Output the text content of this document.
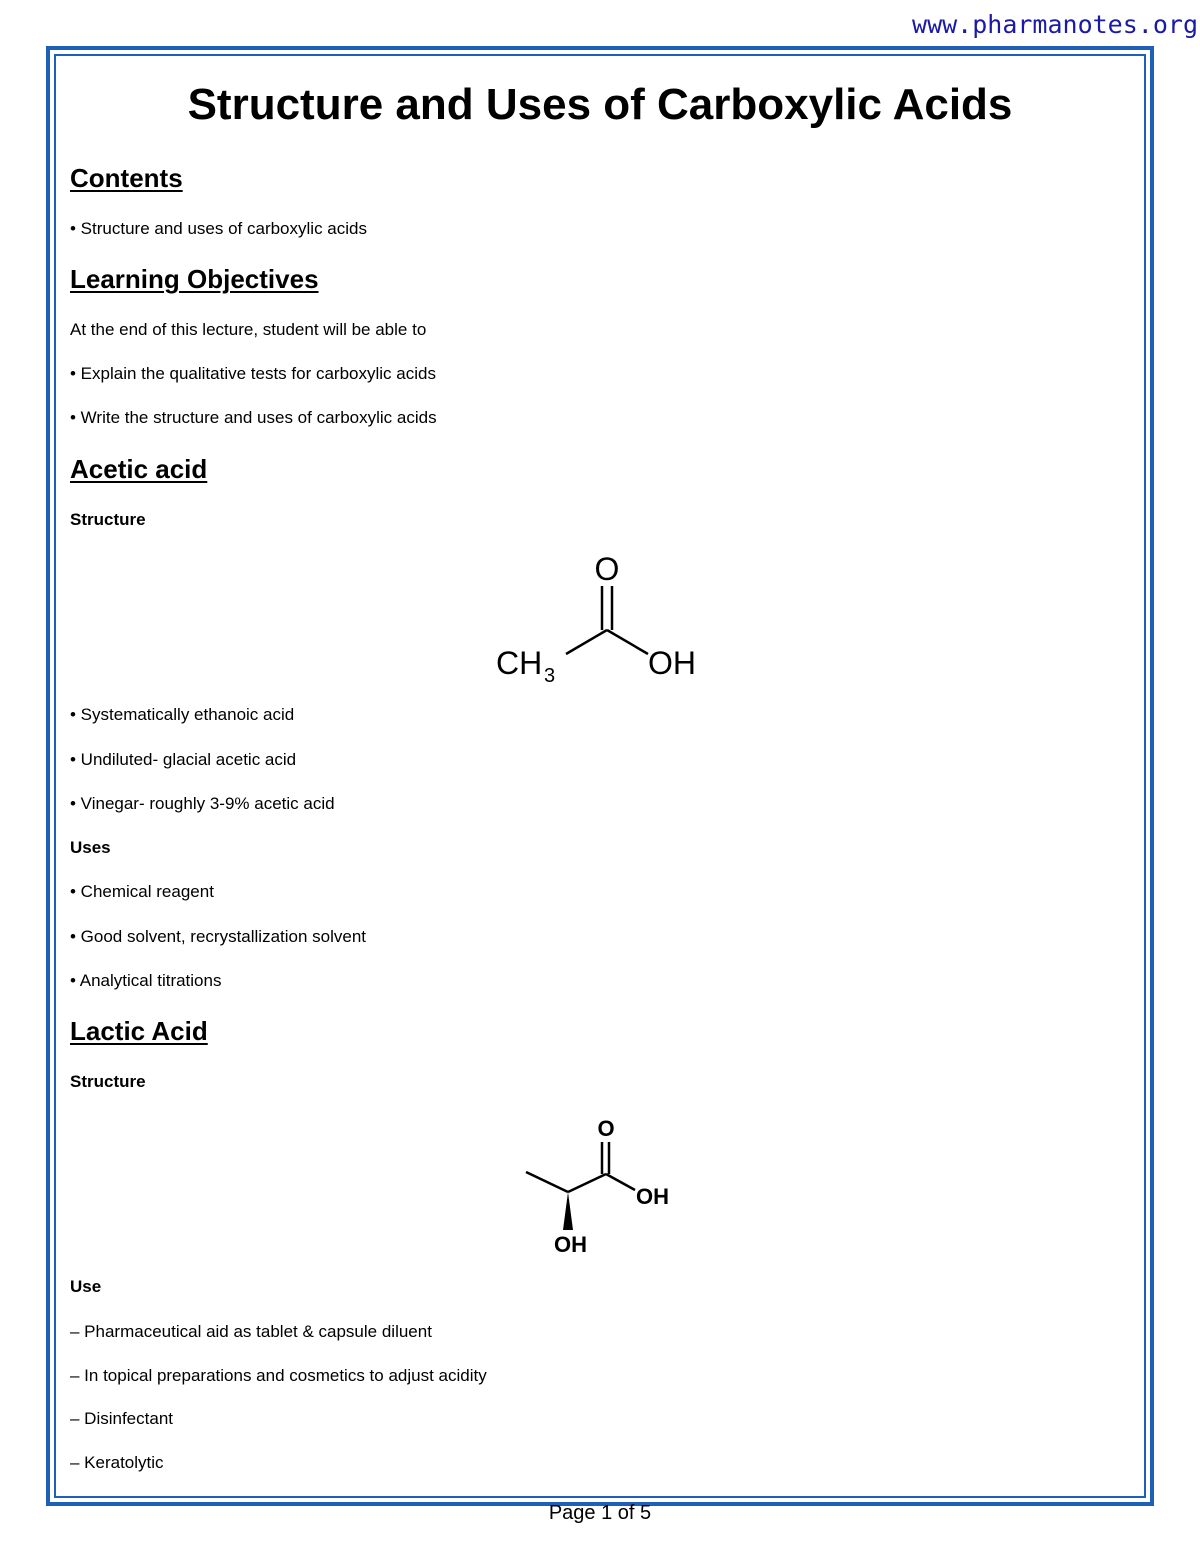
www.pharmanotes.org
Structure and Uses of Carboxylic Acids
Contents

• Structure and uses of carboxylic acids

Learning Objectives

At the end of this lecture, student will be able to

• Explain the qualitative tests for carboxylic acids

• Write the structure and uses of carboxylic acids

Acetic acid

Structure

O
CH 3	OH

• Systematically ethanoic acid

• Undiluted- glacial acetic acid

• Vinegar- roughly 3-9% acetic acid

Uses

• Chemical reagent

• Good solvent, recrystallization solvent

• Analytical titrations

Lactic Acid

Structure

O
OH
OH

Use

– Pharmaceutical aid as tablet & capsule diluent

– In topical preparations and cosmetics to adjust acidity

– Disinfectant

– Keratolytic

Page 1 of 5
